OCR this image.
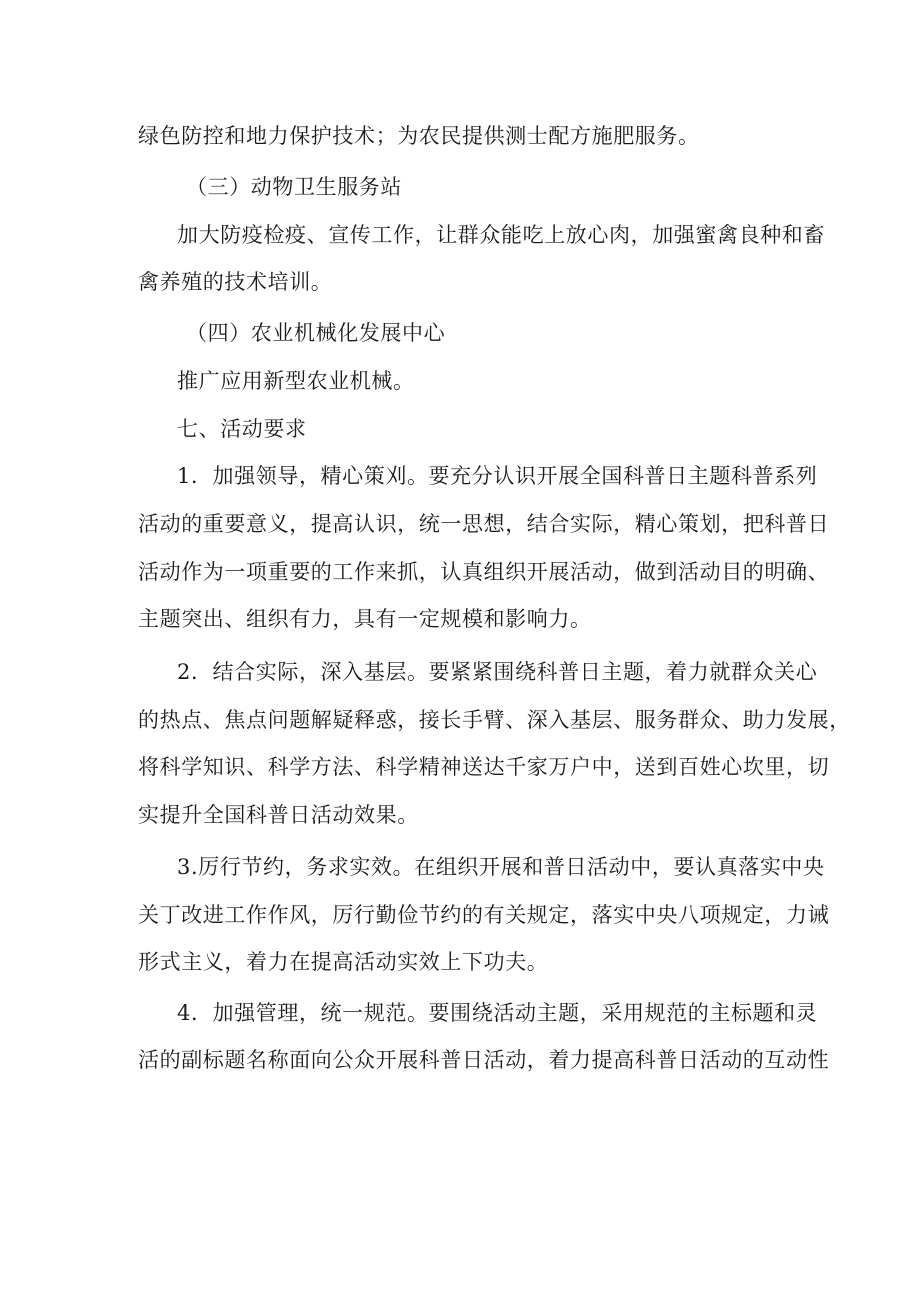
绿色防控和地力保护技术；为农民提供测士配方施肥服务。
（三）动物卫生服务站
加大防疫检疫、宣传工作，让群众能吃上放心肉，加强蜜禽良种和畜
禽养殖的技术培训。
（四）农业机械化发展中心
推广应用新型农业机械。
七、活动要求
1．加强领导，精心策刈。要充分认识开展全国科普日主题科普系列
活动的重要意义，提高认识，统一思想，结合实际，精心策划，把科普日
活动作为一项重要的工作来抓，认真组织开展活动，做到活动目的明确、
主题突出、组织有力，具有一定规模和影响力。
2．结合实际，深入基层。要紧紧围绕科普日主题，着力就群众关心
的热点、焦点问题解疑释惑，接长手臂、深入基层、服务群众、助力发展，
将科学知识、科学方法、科学精神送达千家万户中，送到百姓心坎里，切
实提升全国科普日活动效果。
3.厉行节约，务求实效。在组织开展和普日活动中，要认真落实中央
关丁改进工作作风，厉行勤俭节约的有关规定，落实中央八项规定，力诫
形式主义，着力在提高活动实效上下功夫。
4．加强管理，统一规范。要围绕活动主题，采用规范的主标题和灵
活的副标题名称面向公众开展科普日活动，着力提高科普日活动的互动性
